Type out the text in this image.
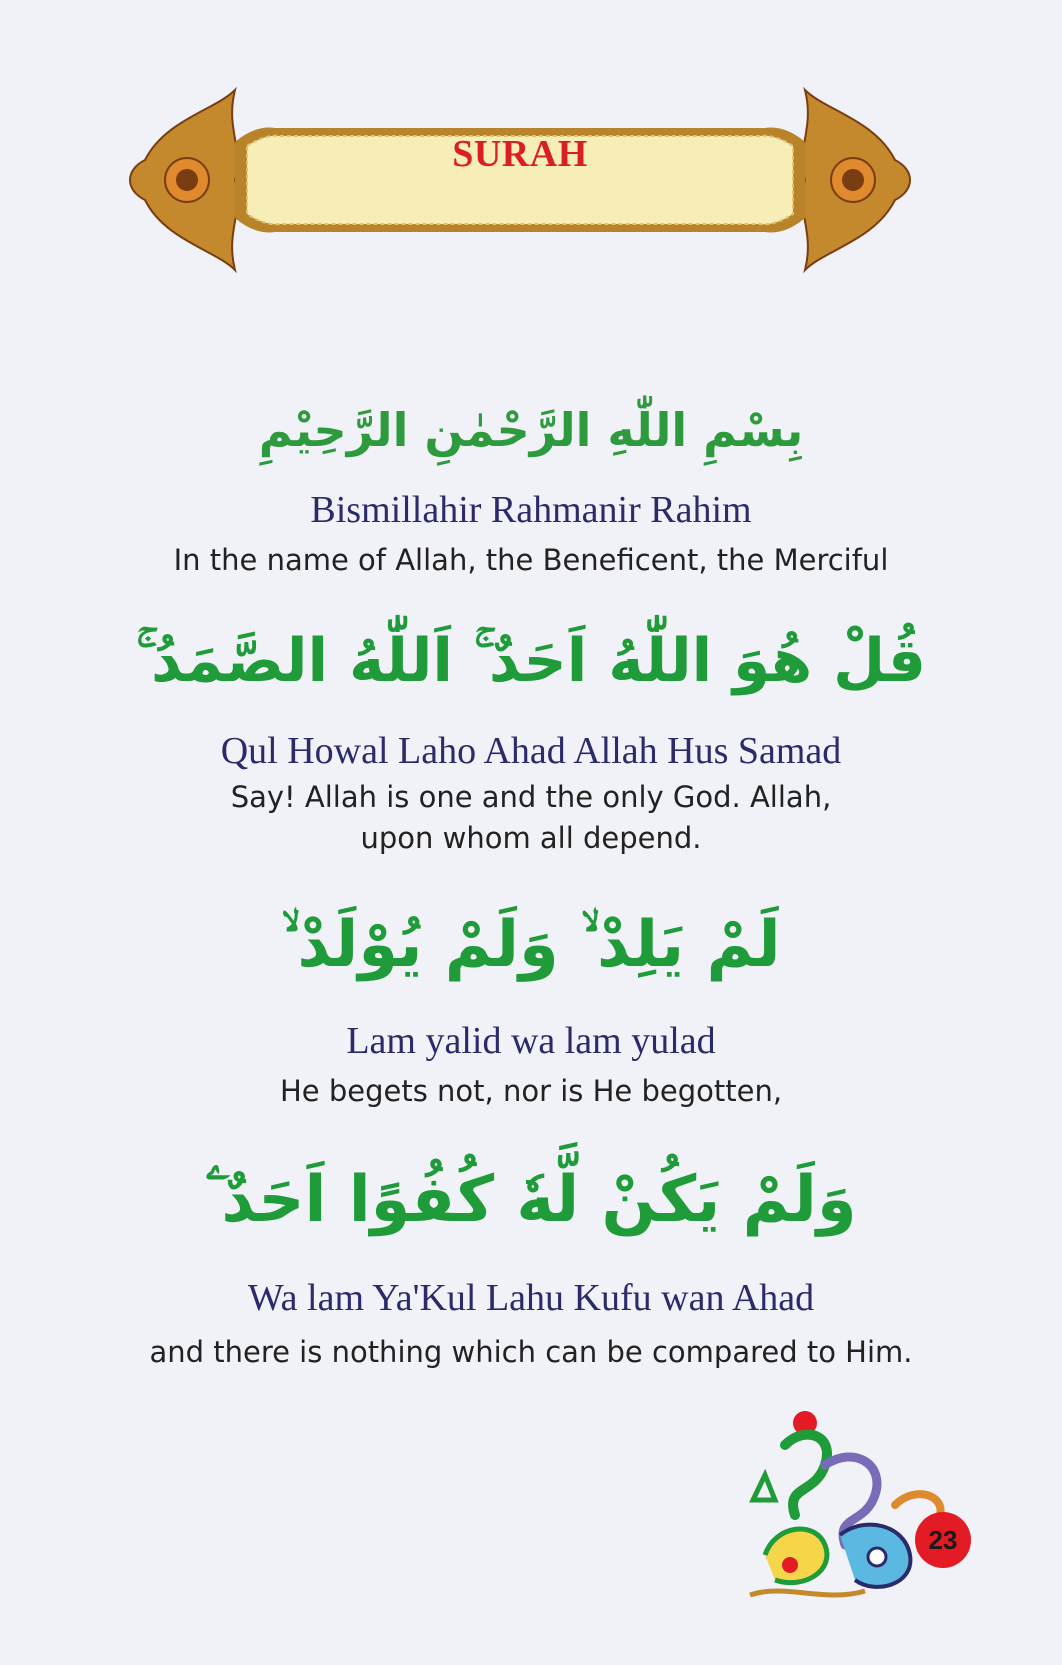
SURAH
بِسْمِ اللّٰهِ الرَّحْمٰنِ الرَّحِيْمِ
Bismillahir Rahmanir Rahim
In the name of Allah, the Beneficent, the Merciful
قُلْ هُوَ اللّٰهُ اَحَدٌ ۚ اَللّٰهُ الصَّمَدُ ۚ
Qul Howal Laho Ahad Allah Hus Samad
Say! Allah is one and the only God. Allah,
upon whom all depend.
لَمْ يَلِدْ ۙ وَلَمْ يُوْلَدْ ۙ
Lam yalid wa lam yulad
He begets not, nor is He begotten,
وَلَمْ يَكُنْ لَّهٗ كُفُوًا اَحَدٌ ۧ
Wa lam Ya'Kul Lahu Kufu wan Ahad
and there is nothing which can be compared to Him.
23
